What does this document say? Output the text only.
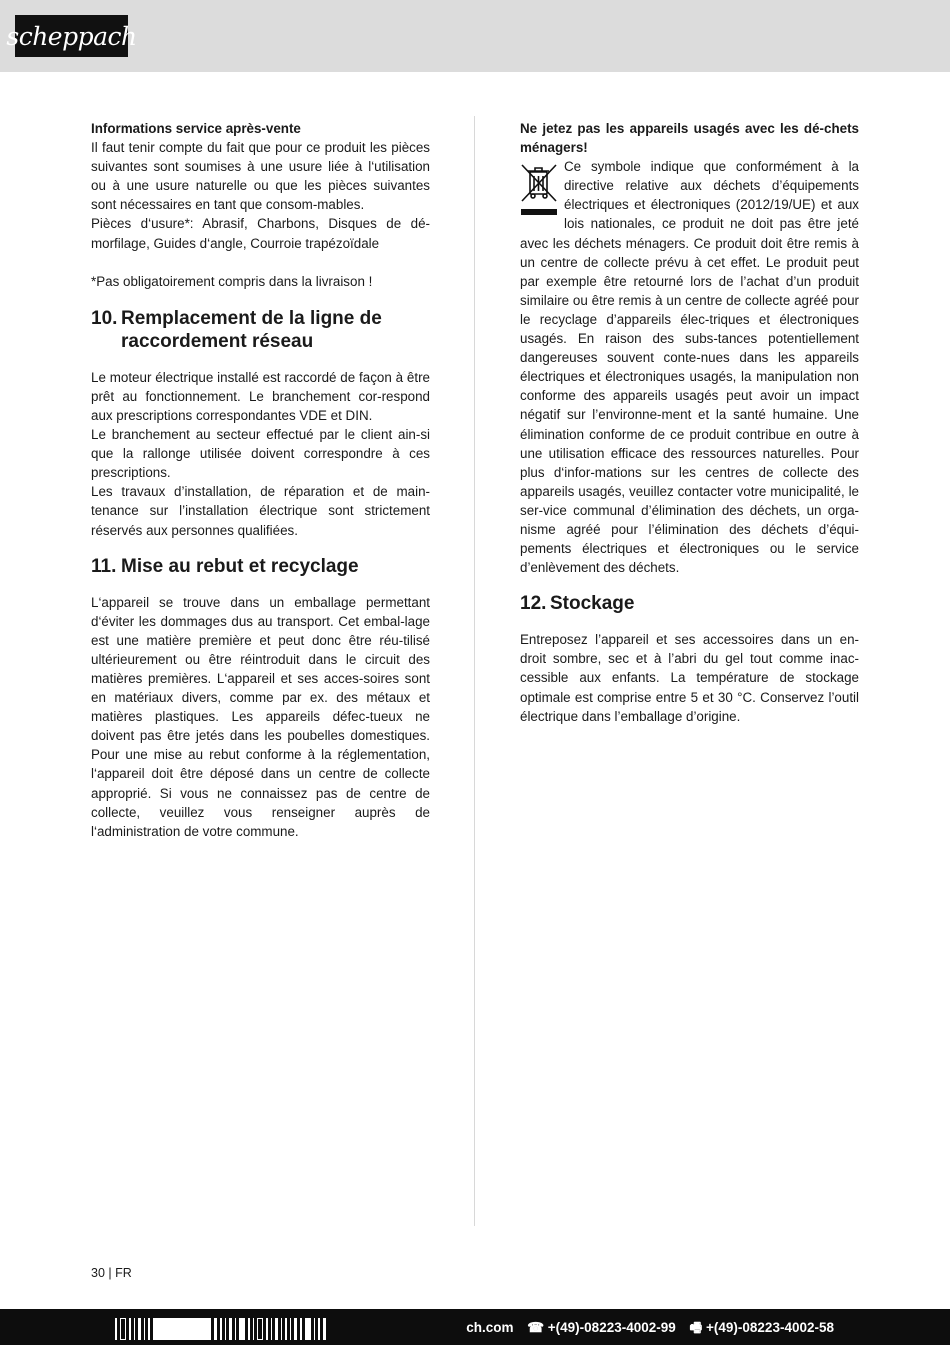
scheppach

Informations service après-vente

Il faut tenir compte du fait que pour ce produit les pièces suivantes sont soumises à une usure liée à l‘utilisation ou à une usure naturelle ou que les pièces suivantes sont nécessaires en tant que consom-mables.

Pièces d‘usure*: Abrasif, Charbons, Disques de dé-morfilage, Guides d‘angle, Courroie trapézoïdale

*Pas obligatoirement compris dans la livraison !

10. Remplacement de la ligne de
raccordement réseau

Le moteur électrique installé est raccordé de façon à être prêt au fonctionnement. Le branchement cor-respond aux prescriptions correspondantes VDE et DIN.

Le branchement au secteur effectué par le client ain-si que la rallonge utilisée doivent correspondre à ces prescriptions.

Les travaux d’installation, de réparation et de main-tenance sur l’installation électrique sont strictement réservés aux personnes qualifiées.

11. Mise au rebut et recyclage

L‘appareil se trouve dans un emballage permettant d‘éviter les dommages dus au transport. Cet embal-lage est une matière première et peut donc être réu-tilisé ultérieurement ou être réintroduit dans le circuit des matières premières. L‘appareil et ses acces-soires sont en matériaux divers, comme par ex. des métaux et matières plastiques. Les appareils défec-tueux ne doivent pas être jetés dans les poubelles domestiques. Pour une mise au rebut conforme à la réglementation, l‘appareil doit être déposé dans un centre de collecte approprié. Si vous ne connaissez pas de centre de collecte, veuillez vous renseigner auprès de l‘administration de votre commune.

Ne jetez pas les appareils usagés avec les dé-chets ménagers!

Ce symbole indique que conformément à la directive relative aux déchets d’équipements électriques et électroniques (2012/19/UE) et aux lois nationales, ce produit ne doit pas être jeté avec les déchets ménagers. Ce produit doit être remis à un centre de collecte prévu à cet effet. Le produit peut par exemple être retourné lors de l’achat d’un produit similaire ou être remis à un centre de collecte agréé pour le recyclage d’appareils élec-triques et électroniques usagés. En raison des subs-tances potentiellement dangereuses souvent conte-nues dans les appareils électriques et électroniques usagés, la manipulation non conforme des appareils usagés peut avoir un impact négatif sur l’environne-ment et la santé humaine. Une élimination conforme de ce produit contribue en outre à une utilisation efficace des ressources naturelles. Pour plus d‘infor-mations sur les centres de collecte des appareils usagés, veuillez contacter votre municipalité, le ser-vice communal d’élimination des déchets, un orga-nisme agréé pour l’élimination des déchets d’équi-pements électriques et électroniques ou le service d’enlèvement des déchets.

12. Stockage

Entreposez l’appareil et ses accessoires dans un en-droit sombre, sec et à l’abri du gel tout comme inac-cessible aux enfants. La température de stockage optimale est comprise entre 5 et 30 °C. Conservez l’outil électrique dans l’emballage d’origine.

30 | FR
ch.com ☎ +(49)-08223-4002-99 🖷 +(49)-08223-4002-58
